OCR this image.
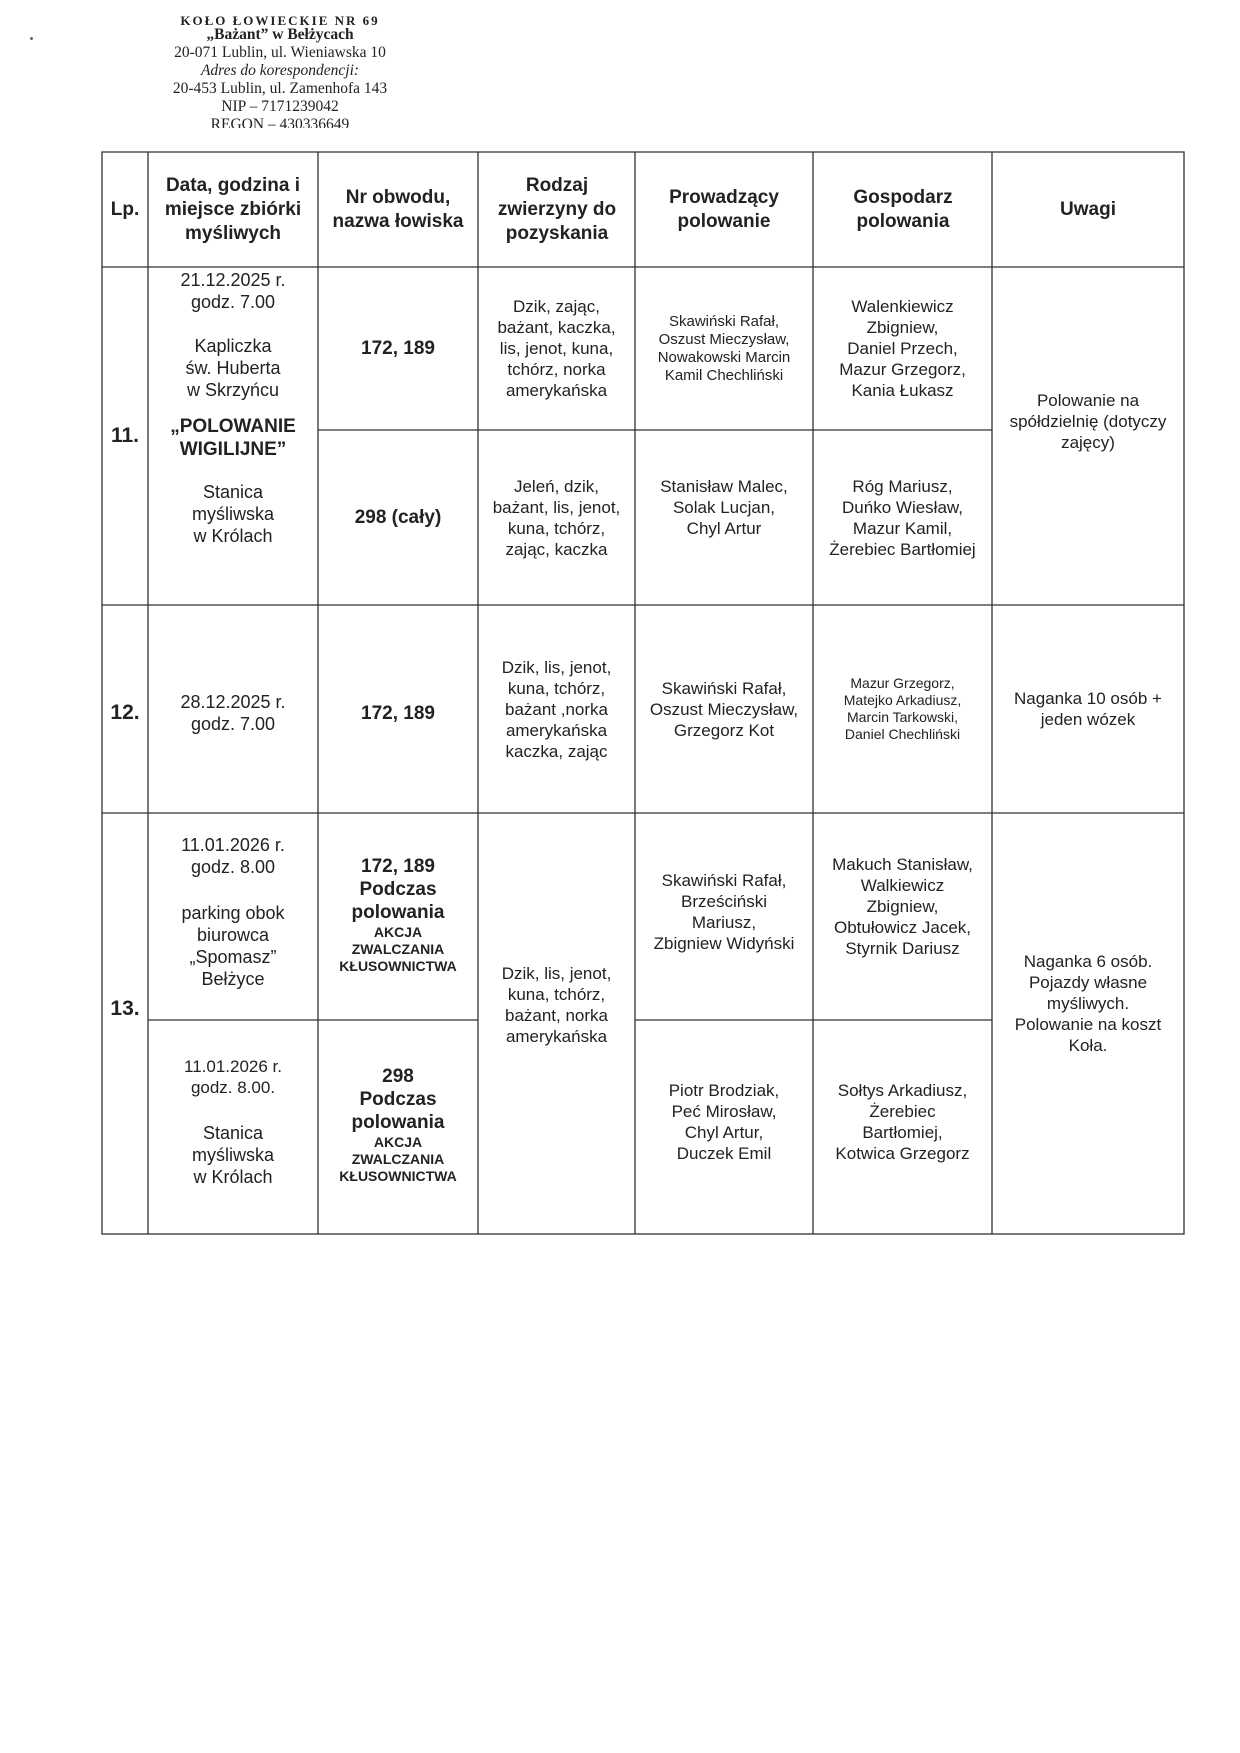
KOŁO ŁOWIECKIE NR 69
„Bażant” w Bełżycach
20-071 Lublin, ul. Wieniawska 10
Adres do korespondencji:
20-453 Lublin, ul. Zamenhofa 143
NIP – 7171239042
REGON – 430336649
Lp.
Data, godzina i miejsce zbiórki myśliwych
Nr obwodu, nazwa łowiska
Rodzaj zwierzyny do pozyskania
Prowadzący polowanie
Gospodarz polowania
Uwagi
11.
21.12.2025 r.
godz. 7.00
Kapliczka
św. Huberta
w Skrzyńcu
„POLOWANIE
WIGILIJNE”
Stanica
myśliwska
w Królach
172, 189
Dzik, zając,
bażant, kaczka,
lis, jenot, kuna,
tchórz, norka
amerykańska
Skawiński Rafał,
Oszust Mieczysław,
Nowakowski Marcin
Kamil Chechliński
Walenkiewicz
Zbigniew,
Daniel Przech,
Mazur Grzegorz,
Kania Łukasz
298 (cały)
Jeleń, dzik,
bażant, lis, jenot,
kuna, tchórz,
zając, kaczka
Stanisław Malec,
Solak Lucjan,
Chyl Artur
Róg Mariusz,
Duńko Wiesław,
Mazur Kamil,
Żerebiec Bartłomiej
Polowanie na
spółdzielnię (dotyczy
zajęcy)
12.	28.12.2025 r.
godz. 7.00
172, 189
Dzik, lis, jenot,
kuna, tchórz,
bażant ,norka
amerykańska
kaczka, zając
Skawiński Rafał,
Oszust Mieczysław,
Grzegorz Kot
Mazur Grzegorz,
Matejko Arkadiusz,
Marcin Tarkowski,
Daniel Chechliński
Naganka 10 osób +
jeden wózek
13.
11.01.2026 r.
godz. 8.00
parking obok
biurowca
„Spomasz”
Bełżyce
172, 189
Podczas
polowania
AKCJA
ZWALCZANIA
KŁUSOWNICTWA
Skawiński Rafał,
Brześciński
Mariusz,
Zbigniew Widyński
Makuch Stanisław,
Walkiewicz
Zbigniew,
Obtułowicz Jacek,
Styrnik Dariusz
11.01.2026 r.
godz. 8.00.
Stanica
myśliwska
w Królach
298
Podczas
polowania
AKCJA
ZWALCZANIA
KŁUSOWNICTWA
Piotr Brodziak,
Peć Mirosław,
Chyl Artur,
Duczek Emil
Sołtys Arkadiusz,
Żerebiec
Bartłomiej,
Kotwica Grzegorz
Dzik, lis, jenot,
kuna, tchórz,
bażant, norka
amerykańska
Naganka 6 osób.
Pojazdy własne
myśliwych.
Polowanie na koszt
Koła.
